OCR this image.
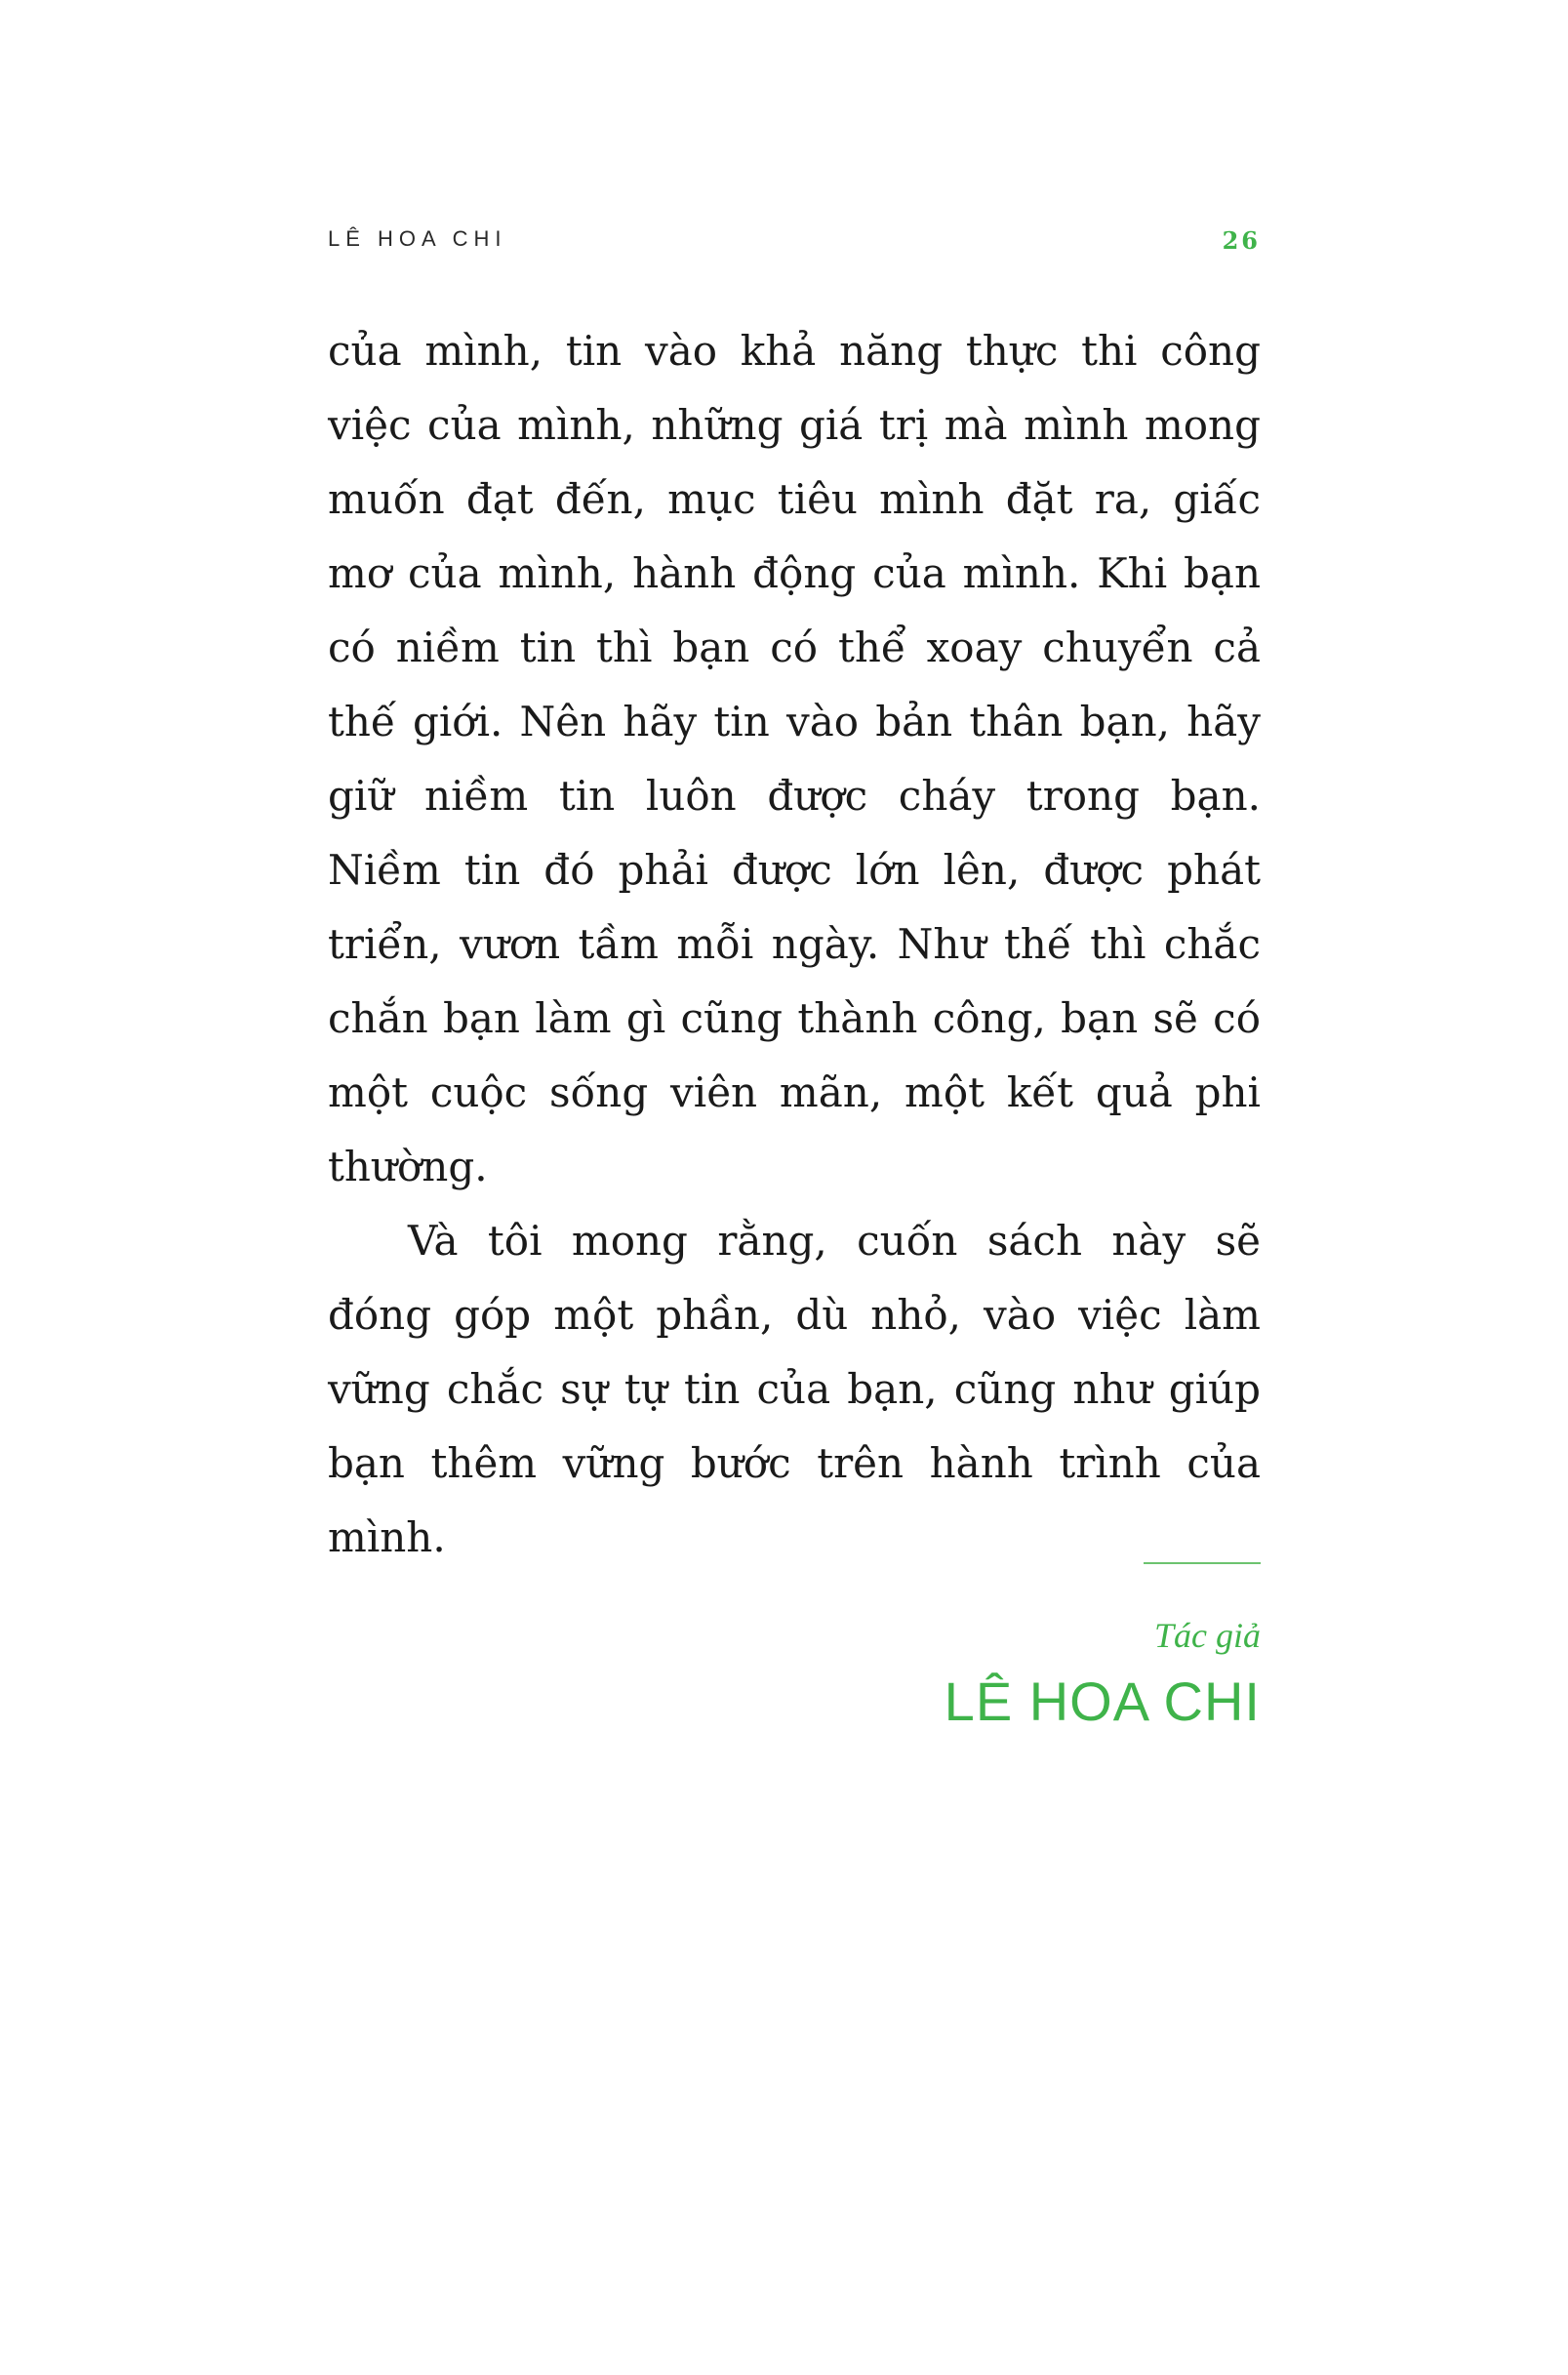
LÊ HOA CHI	26

của mình, tin vào khả năng thực thi công việc của mình, những giá trị mà mình mong muốn đạt đến, mục tiêu mình đặt ra, giấc mơ của mình, hành động của mình. Khi bạn có niềm tin thì bạn có thể xoay chuyển cả thế giới. Nên hãy tin vào bản thân bạn, hãy giữ niềm tin luôn được cháy trong bạn. Niềm tin đó phải được lớn lên, được phát triển, vươn tầm mỗi ngày. Như thế thì chắc chắn bạn làm gì cũng thành công, bạn sẽ có một cuộc sống viên mãn, một kết quả phi thường.

Và tôi mong rằng, cuốn sách này sẽ đóng góp một phần, dù nhỏ, vào việc làm vững chắc sự tự tin của bạn, cũng như giúp bạn thêm vững bước trên hành trình của mình.

Tác giả
LÊ HOA CHI
